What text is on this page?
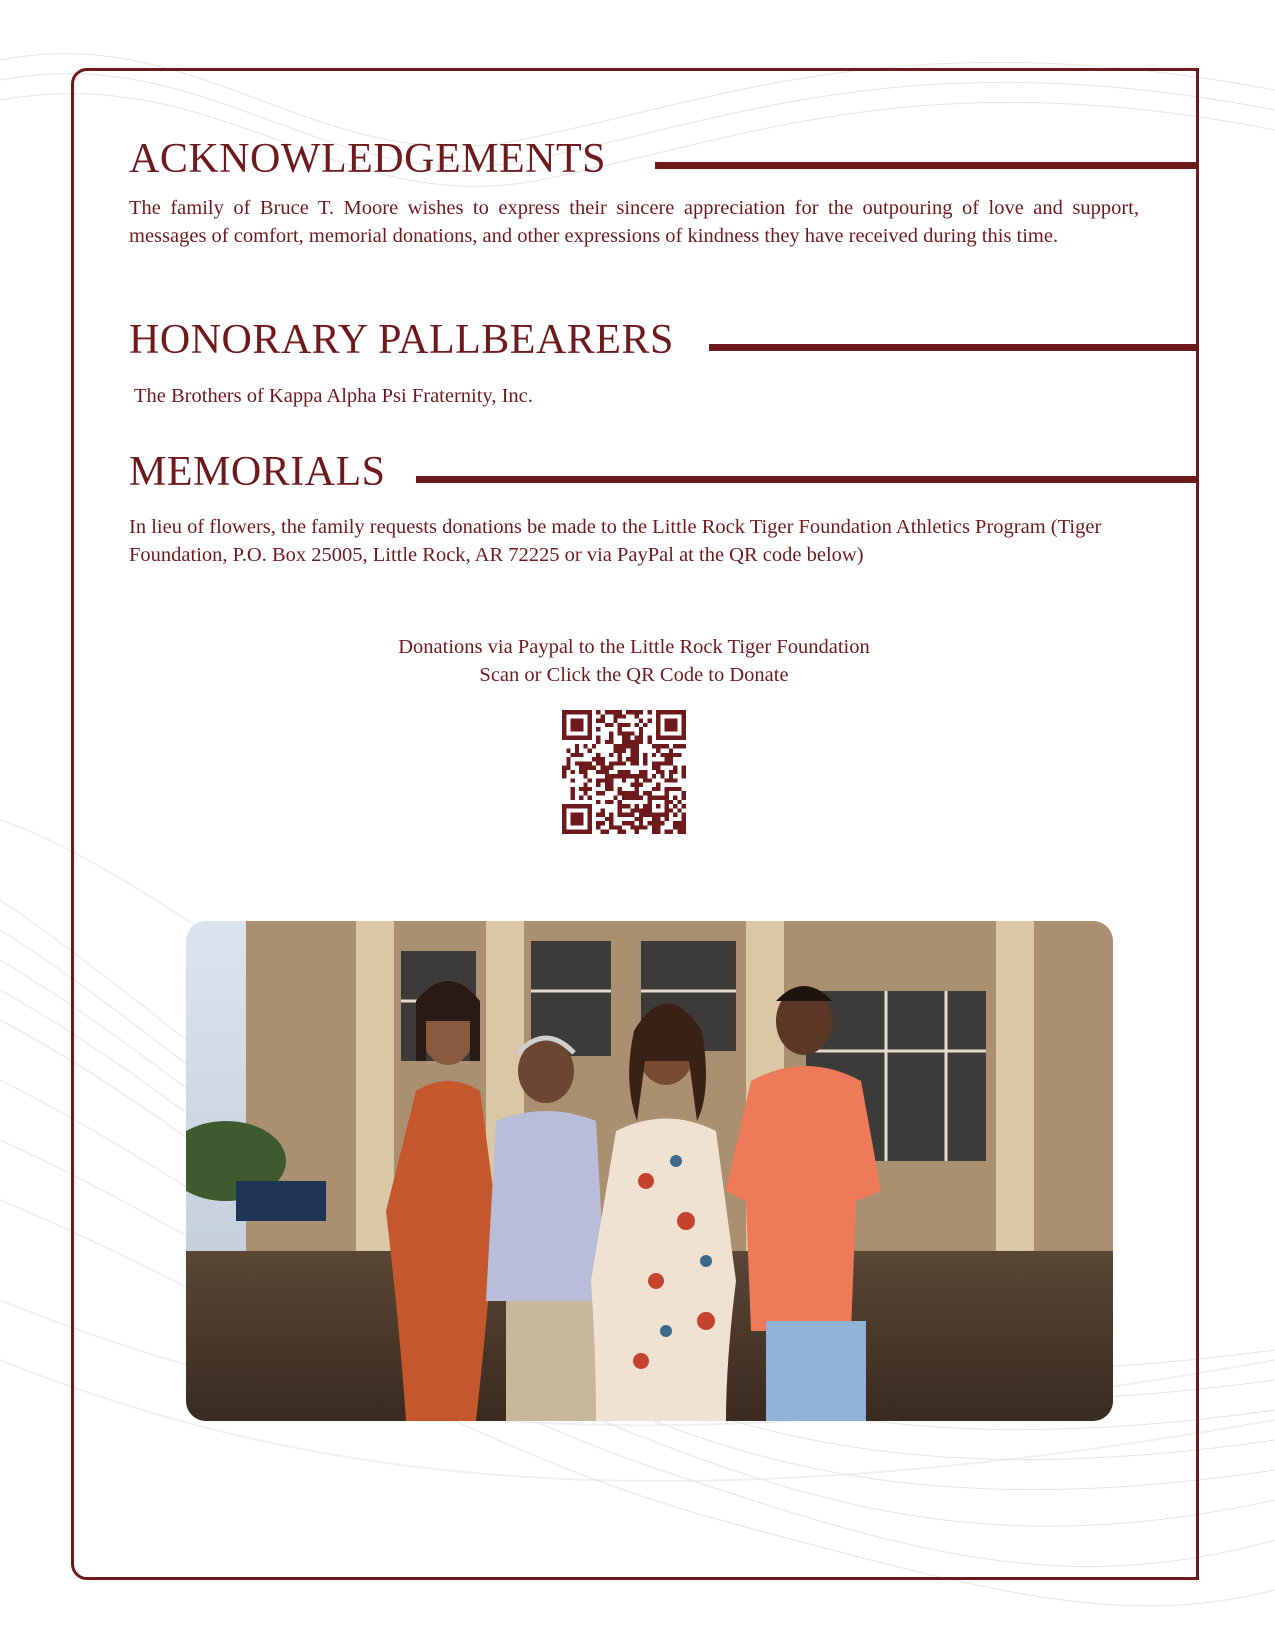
ACKNOWLEDGEMENTS

The family of Bruce T. Moore wishes to express their sincere appreciation for the outpouring of love and support, messages of comfort, memorial donations, and other expressions of kindness they have received during this time.

HONORARY PALLBEARERS

The Brothers of Kappa Alpha Psi Fraternity, Inc.

MEMORIALS

In lieu of flowers, the family requests donations be made to the Little Rock Tiger Foundation Athletics Program (Tiger Foundation, P.O. Box 25005, Little Rock, AR 72225 or via PayPal at the QR code below)

Donations via Paypal to the Little Rock Tiger Foundation
Scan or Click the QR Code to Donate
